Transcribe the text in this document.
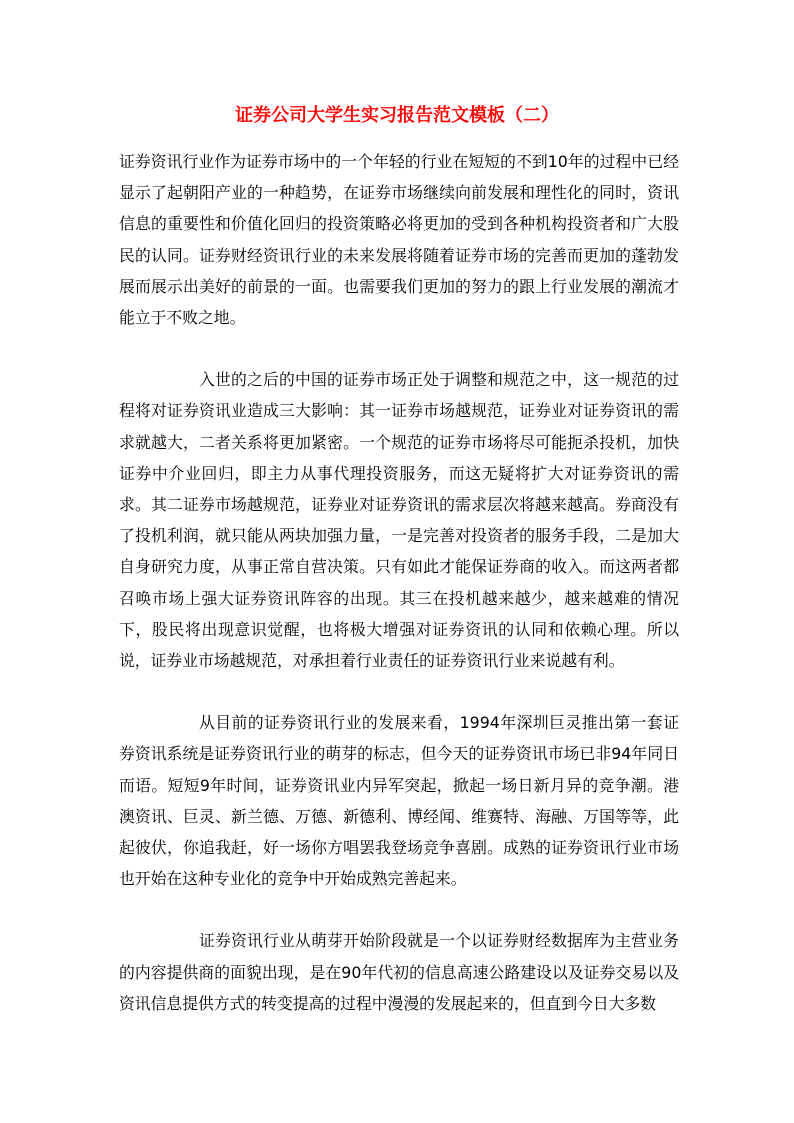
证券公司大学生实习报告范文模板（二）

证券资讯行业作为证券市场中的一个年轻的行业在短短的不到10年的过程中已经显示了起朝阳产业的一种趋势，在证券市场继续向前发展和理性化的同时，资讯信息的重要性和价值化回归的投资策略必将更加的受到各种机构投资者和广大股民的认同。证券财经资讯行业的未来发展将随着证券市场的完善而更加的蓬勃发展而展示出美好的前景的一面。也需要我们更加的努力的跟上行业发展的潮流才能立于不败之地。

入世的之后的中国的证券市场正处于调整和规范之中，这一规范的过程将对证券资讯业造成三大影响：其一证券市场越规范，证券业对证券资讯的需求就越大，二者关系将更加紧密。一个规范的证券市场将尽可能扼杀投机，加快证券中介业回归，即主力从事代理投资服务，而这无疑将扩大对证券资讯的需求。其二证券市场越规范，证券业对证券资讯的需求层次将越来越高。券商没有了投机利润，就只能从两块加强力量，一是完善对投资者的服务手段，二是加大自身研究力度，从事正常自营决策。只有如此才能保证券商的收入。而这两者都召唤市场上强大证券资讯阵容的出现。其三在投机越来越少，越来越难的情况下，股民将出现意识觉醒，也将极大增强对证券资讯的认同和依赖心理。所以说，证券业市场越规范，对承担着行业责任的证券资讯行业来说越有利。

从目前的证券资讯行业的发展来看，1994年深圳巨灵推出第一套证券资讯系统是证券资讯行业的萌芽的标志，但今天的证券资讯市场已非94年同日而语。短短9年时间，证券资讯业内异军突起，掀起一场日新月异的竞争潮。港澳资讯、巨灵、新兰德、万德、新德利、博经闻、维赛特、海融、万国等等，此起彼伏，你追我赶，好一场你方唱罢我登场竞争喜剧。成熟的证券资讯行业市场也开始在这种专业化的竞争中开始成熟完善起来。

证券资讯行业从萌芽开始阶段就是一个以证券财经数据库为主营业务的内容提供商的面貌出现，是在90年代初的信息高速公路建设以及证券交易以及资讯信息提供方式的转变提高的过程中漫漫的发展起来的，但直到今日大多数
